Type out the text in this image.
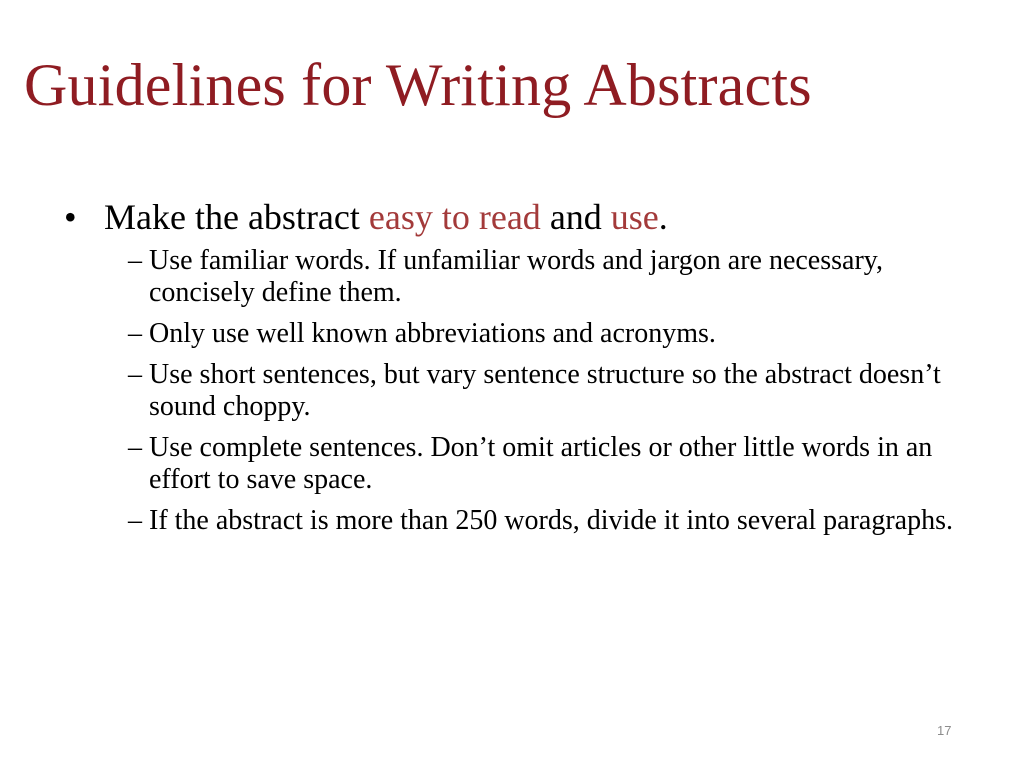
Guidelines for Writing Abstracts

• Make the abstract easy to read and use.

– Use familiar words. If unfamiliar words and jargon are necessary, concisely define them.
– Only use well known abbreviations and acronyms.
– Use short sentences, but vary sentence structure so the abstract doesn’t sound choppy.
– Use complete sentences. Don’t omit articles or other little words in an effort to save space.
– If the abstract is more than 250 words, divide it into several paragraphs.
17
